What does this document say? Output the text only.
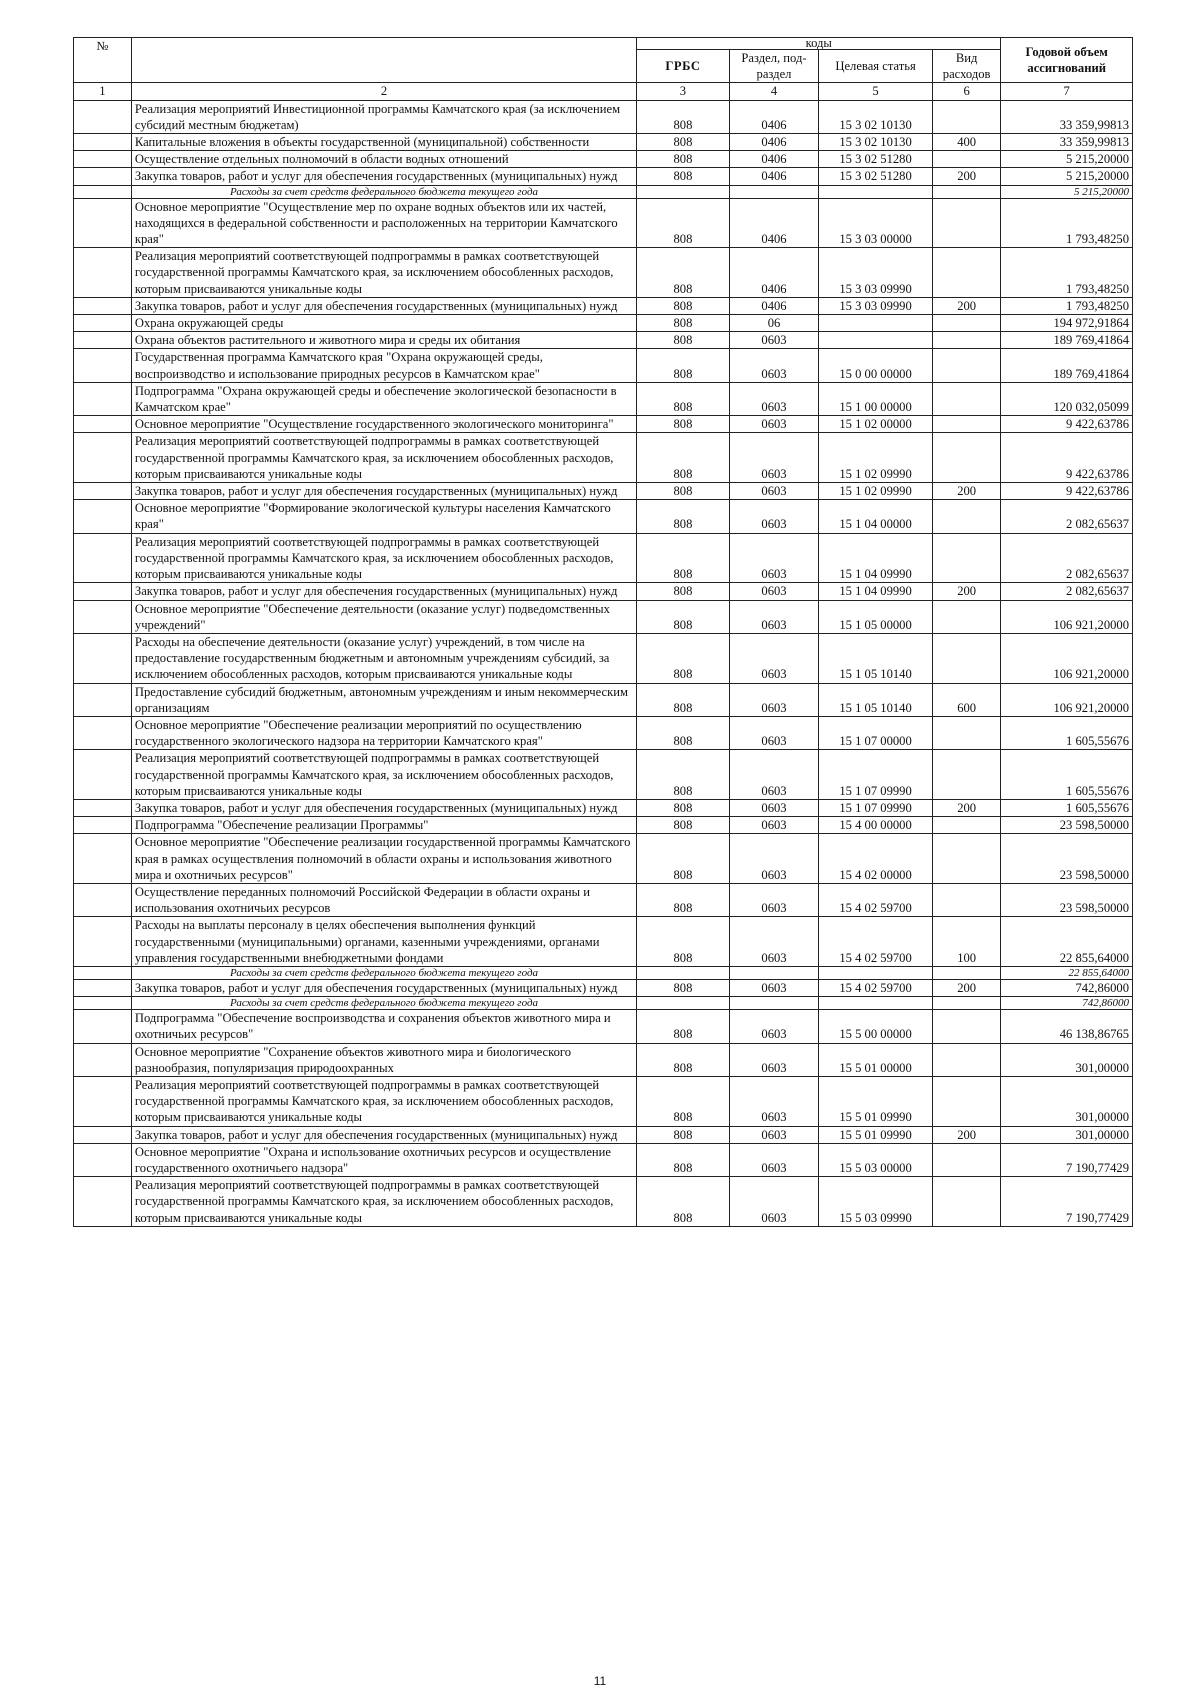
№		коды				Годовой объем ассигнований
		ГРБС	Раздел, под-раздел	Целевая статья	Вид расходов	
1	2	3	4	5	6	7
	Реализация мероприятий Инвестиционной программы Камчатского края (за исключением субсидий местным бюджетам)	808	0406	15 3 02 10130		33 359,99813
	Капитальные вложения в объекты государственной (муниципальной) собственности	808	0406	15 3 02 10130	400	33 359,99813
	Осуществление отдельных полномочий в области водных отношений	808	0406	15 3 02 51280		5 215,20000
	Закупка товаров, работ и услуг для обеспечения государственных (муниципальных) нужд	808	0406	15 3 02 51280	200	5 215,20000
	Расходы за счет средств федерального бюджета текущего года					5 215,20000
	Основное мероприятие "Осуществление мер по охране водных объектов или их частей, находящихся в федеральной собственности и расположенных на территории Камчатского края"	808	0406	15 3 03 00000		1 793,48250
	Реализация мероприятий соответствующей подпрограммы в рамках соответствующей государственной программы Камчатского края, за исключением обособленных расходов, которым присваиваются уникальные коды	808	0406	15 3 03 09990		1 793,48250
	Закупка товаров, работ и услуг для обеспечения государственных (муниципальных) нужд	808	0406	15 3 03 09990	200	1 793,48250
	Охрана окружающей среды	808	06			194 972,91864
	Охрана объектов растительного и животного мира и среды их обитания	808	0603			189 769,41864
	Государственная программа Камчатского края "Охрана окружающей среды, воспроизводство и использование природных ресурсов в Камчатском крае"	808	0603	15 0 00 00000		189 769,41864
	Подпрограмма "Охрана окружающей среды и обеспечение экологической безопасности в Камчатском крае"	808	0603	15 1 00 00000		120 032,05099
	Основное мероприятие "Осуществление государственного экологического мониторинга"	808	0603	15 1 02 00000		9 422,63786
	Реализация мероприятий соответствующей подпрограммы в рамках соответствующей государственной программы Камчатского края, за исключением обособленных расходов, которым присваиваются уникальные коды	808	0603	15 1 02 09990		9 422,63786
	Закупка товаров, работ и услуг для обеспечения государственных (муниципальных) нужд	808	0603	15 1 02 09990	200	9 422,63786
	Основное мероприятие "Формирование экологической культуры населения Камчатского края"	808	0603	15 1 04 00000		2 082,65637
	Реализация мероприятий соответствующей подпрограммы в рамках соответствующей государственной программы Камчатского края, за исключением обособленных расходов, которым присваиваются уникальные коды	808	0603	15 1 04 09990		2 082,65637
	Закупка товаров, работ и услуг для обеспечения государственных (муниципальных) нужд	808	0603	15 1 04 09990	200	2 082,65637
	Основное мероприятие "Обеспечение деятельности (оказание услуг) подведомственных учреждений"	808	0603	15 1 05 00000		106 921,20000
	Расходы на обеспечение деятельности (оказание услуг) учреждений, в том числе на предоставление государственным бюджетным и автономным учреждениям субсидий, за исключением обособленных расходов, которым присваиваются уникальные коды	808	0603	15 1 05 10140		106 921,20000
	Предоставление субсидий бюджетным, автономным учреждениям и иным некоммерческим организациям	808	0603	15 1 05 10140	600	106 921,20000
	Основное мероприятие "Обеспечение реализации мероприятий по осуществлению государственного экологического надзора на территории Камчатского края"	808	0603	15 1 07 00000		1 605,55676
	Реализация мероприятий соответствующей подпрограммы в рамках соответствующей государственной программы Камчатского края, за исключением обособленных расходов, которым присваиваются уникальные коды	808	0603	15 1 07 09990		1 605,55676
	Закупка товаров, работ и услуг для обеспечения государственных (муниципальных) нужд	808	0603	15 1 07 09990	200	1 605,55676
	Подпрограмма "Обеспечение реализации Программы"	808	0603	15 4 00 00000		23 598,50000
	Основное мероприятие "Обеспечение реализации государственной программы Камчатского края в рамках осуществления полномочий в области охраны и использования животного мира и охотничьих ресурсов"	808	0603	15 4 02 00000		23 598,50000
	Осуществление переданных полномочий Российской Федерации в области охраны и использования охотничьих ресурсов	808	0603	15 4 02 59700		23 598,50000
	Расходы на выплаты персоналу в целях обеспечения выполнения функций государственными (муниципальными) органами, казенными учреждениями, органами управления государственными внебюджетными фондами	808	0603	15 4 02 59700	100	22 855,64000
	Расходы за счет средств федерального бюджета текущего года					22 855,64000
	Закупка товаров, работ и услуг для обеспечения государственных (муниципальных) нужд	808	0603	15 4 02 59700	200	742,86000
	Расходы за счет средств федерального бюджета текущего года					742,86000
	Подпрограмма "Обеспечение воспроизводства и сохранения объектов животного мира и охотничьих ресурсов"	808	0603	15 5 00 00000		46 138,86765
	Основное мероприятие "Сохранение объектов животного мира и биологического разнообразия, популяризация природоохранных	808	0603	15 5 01 00000		301,00000
	Реализация мероприятий соответствующей подпрограммы в рамках соответствующей государственной программы Камчатского края, за исключением обособленных расходов, которым присваиваются уникальные коды	808	0603	15 5 01 09990		301,00000
	Закупка товаров, работ и услуг для обеспечения государственных (муниципальных) нужд	808	0603	15 5 01 09990	200	301,00000
	Основное мероприятие "Охрана и использование охотничьих ресурсов и осуществление государственного охотничьего надзора"	808	0603	15 5 03 00000		7 190,77429
	Реализация мероприятий соответствующей подпрограммы в рамках соответствующей государственной программы Камчатского края, за исключением обособленных расходов, которым присваиваются уникальные коды	808	0603	15 5 03 09990		7 190,77429
11
